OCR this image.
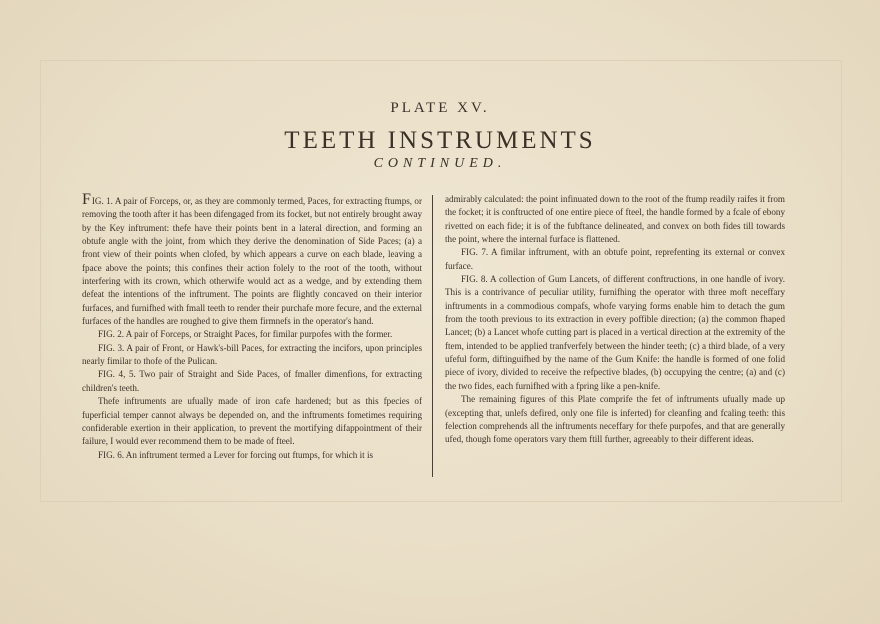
PLATE XV.
TEETH INSTRUMENTS
CONTINUED.

FIG. 1. A pair of Forceps, or, as they are commonly termed, Paces, for extracting ftumps, or removing the tooth after it has been difengaged from its focket, but not entirely brought away by the Key inftrument: thefe have their points bent in a lateral direction, and forming an obtufe angle with the joint, from which they derive the denomination of Side Paces; (a) a front view of their points when clofed, by which appears a curve on each blade, leaving a fpace above the points; this confines their action folely to the root of the tooth, without interfering with its crown, which otherwife would act as a wedge, and by extending them defeat the intentions of the inftrument. The points are flightly concaved on their interior furfaces, and furnifhed with fmall teeth to render their purchafe more fecure, and the external furfaces of the handles are roughed to give them firmnefs in the operator's hand.

FIG. 2. A pair of Forceps, or Straight Paces, for fimilar purpofes with the former.

FIG. 3. A pair of Front, or Hawk's-bill Paces, for extracting the incifors, upon principles nearly fimilar to thofe of the Pulican.

FIG. 4, 5. Two pair of Straight and Side Paces, of fmaller dimenfions, for extracting children's teeth.

Thefe inftruments are ufually made of iron cafe hardened; but as this fpecies of fuperficial temper cannot always be depended on, and the inftruments fometimes requiring confiderable exertion in their application, to prevent the mortifying difappointment of their failure, I would ever recommend them to be made of fteel.

FIG. 6. An inftrument termed a Lever for forcing out ftumps, for which it is

admirably calculated: the point infinuated down to the root of the ftump readily raifes it from the focket; it is conftructed of one entire piece of fteel, the handle formed by a fcale of ebony rivetted on each fide; it is of the fubftance delineated, and convex on both fides till towards the point, where the internal furface is flattened.

FIG. 7. A fimilar inftrument, with an obtufe point, reprefenting its external or convex furface.

FIG. 8. A collection of Gum Lancets, of different conftructions, in one handle of ivory. This is a contrivance of peculiar utility, furnifhing the operator with three moft neceffary inftruments in a commodious compafs, whofe varying forms enable him to detach the gum from the tooth previous to its extraction in every poffible direction; (a) the common fhaped Lancet; (b) a Lancet whofe cutting part is placed in a vertical direction at the extremity of the ftem, intended to be applied tranfverfely between the hinder teeth; (c) a third blade, of a very ufeful form, diftinguifhed by the name of the Gum Knife: the handle is formed of one folid piece of ivory, divided to receive the refpective blades, (b) occupying the centre; (a) and (c) the two fides, each furnifhed with a fpring like a pen-knife.

The remaining figures of this Plate comprife the fet of inftruments ufually made up (excepting that, unlefs defired, only one file is inferted) for cleanfing and fcaling teeth: this felection comprehends all the inftruments neceffary for thefe purpofes, and that are generally ufed, though fome operators vary them ftill further, agreeably to their different ideas.
